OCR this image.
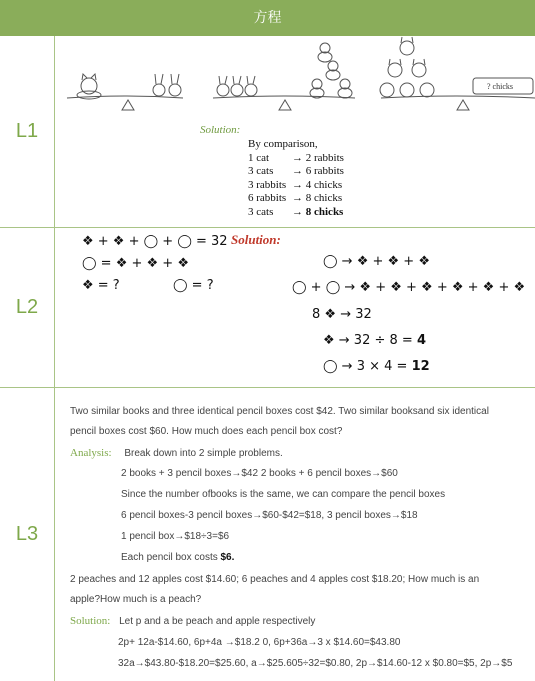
方程
L1
? chicks
Solution:
By comparison,
1 cat → 2 rabbits
3 cats → 6 rabbits
3 rabbits → 4 chicks
6 rabbits → 8 chicks
3 cats → 8 chicks
L2
❖ + ❖ + ◯ + ◯ = 32 Solution:
◯ = ❖ + ❖ + ❖
❖ = ?	◯ = ?
◯ → ❖ + ❖ + ❖
◯ + ◯ → ❖ + ❖ + ❖ + ❖ + ❖ + ❖
8 ❖ → 32
❖ → 32 ÷ 8 = 4
◯ → 3 × 4 = 12
L3
Two similar books and three identical pencil boxes cost $42. Two similar booksand six identical
pencil boxes cost $60. How much does each pencil box cost?
Analysis: Break down into 2 simple problems.
2 books + 3 pencil boxes→$42 2 books + 6 pencil boxes→$60
Since the number ofbooks is the same, we can compare the pencil boxes
6 pencil boxes-3 pencil boxes→$60-$42=$18, 3 pencil boxes→$18
1 pencil box→$18÷3=$6
Each pencil box costs $6.
2 peaches and 12 apples cost $14.60; 6 peaches and 4 apples cost $18.20; How much is an
apple?How much is a peach?
Solution: Let p and a be peach and apple respectively
2p+ 12a-$14.60, 6p+4a →$18.2 0, 6p+36a→3 x $14.60=$43.80
32a→$43.80-$18.20=$25.60, a→$25.605÷32=$0.80, 2p→$14.60-12 x $0.80=$5, 2p→$5
